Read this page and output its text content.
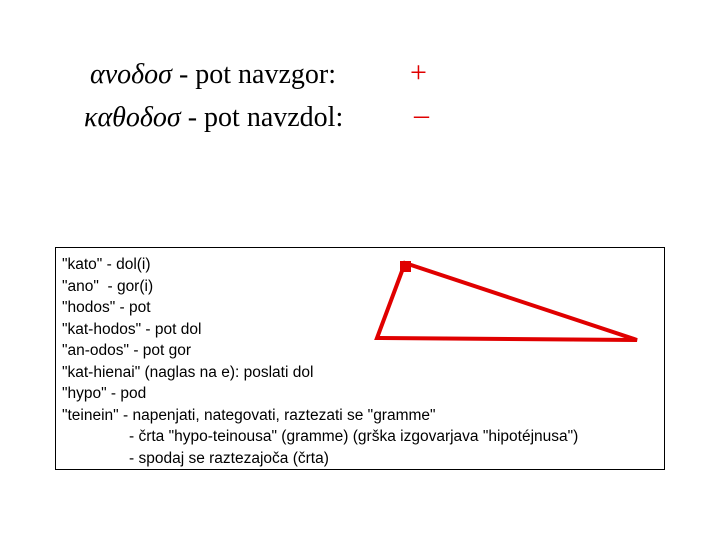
ανοδοσ - pot navzgor:
καθοδοσ - pot navzdol:
+
–
"kato" - dol(i)
"ano"  - gor(i)
"hodos" - pot
"kat-hodos" - pot dol
"an-odos" - pot gor
"kat-hienai" (naglas na e): poslati dol
"hypo" - pod
"teinein" - napenjati, nategovati, raztezati se "gramme"
- črta "hypo-teinousa" (gramme) (grška izgovarjava "hipotéjnusa")
- spodaj se raztezajoča (črta)
